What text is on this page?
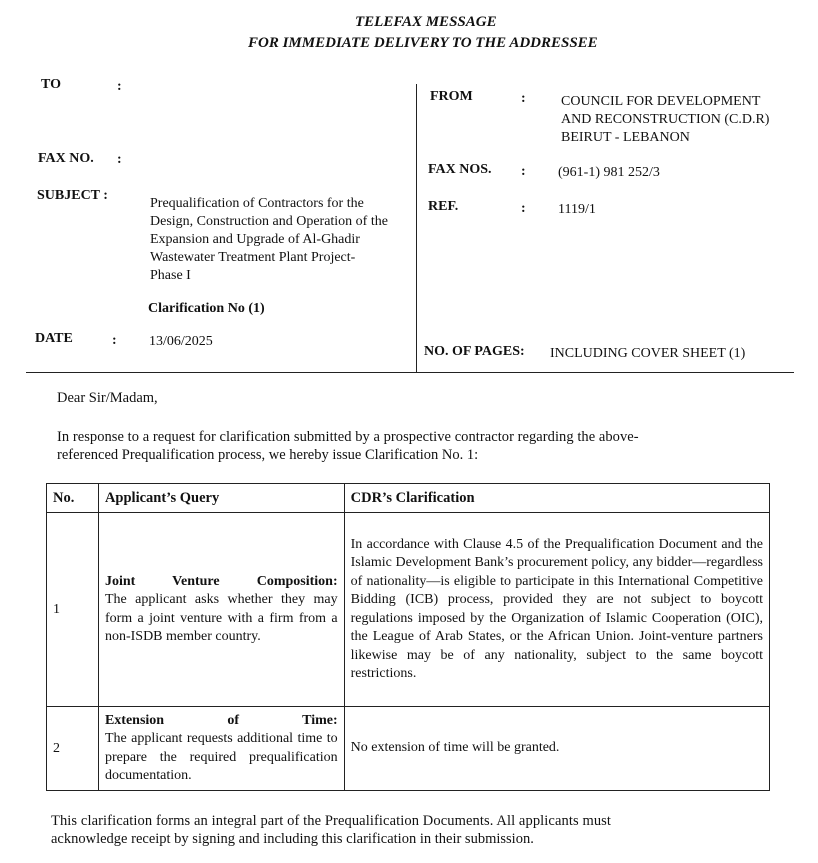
TELEFAX MESSAGE
FOR IMMEDIATE DELIVERY TO THE ADDRESSEE
TO	:
FAX NO. :
SUBJECT :
Prequalification of Contractors for the
Design, Construction and Operation of the
Expansion and Upgrade of Al-Ghadir
Wastewater Treatment Plant Project-
Phase I
Clarification No (1)
DATE	: 13/06/2025
FROM	:	COUNCIL FOR DEVELOPMENT
AND RECONSTRUCTION (C.D.R)
BEIRUT - LEBANON
FAX NOS. : (961-1) 981 252/3
REF.	: 1119/1
NO. OF PAGES: INCLUDING COVER SHEET (1)
Dear Sir/Madam,
In response to a request for clarification submitted by a prospective contractor regarding the above-
referenced Prequalification process, we hereby issue Clarification No. 1:
No.	Applicant’s Query	CDR’s Clarification
1	Joint Venture Composition:
The applicant asks whether they may form a joint venture with a firm from a non-ISDB member country.	In accordance with Clause 4.5 of the Prequalification Document and the Islamic Development Bank’s procurement policy, any bidder—regardless of nationality—is eligible to participate in this International Competitive Bidding (ICB) process, provided they are not subject to boycott regulations imposed by the Organization of Islamic Cooperation (OIC), the League of Arab States, or the African Union. Joint-venture partners likewise may be of any nationality, subject to the same boycott restrictions.

2	Extension of Time:
The applicant requests additional time to prepare the required prequalification documentation.	No extension of time will be granted.
This clarification forms an integral part of the Prequalification Documents. All applicants must
acknowledge receipt by signing and including this clarification in their submission.
